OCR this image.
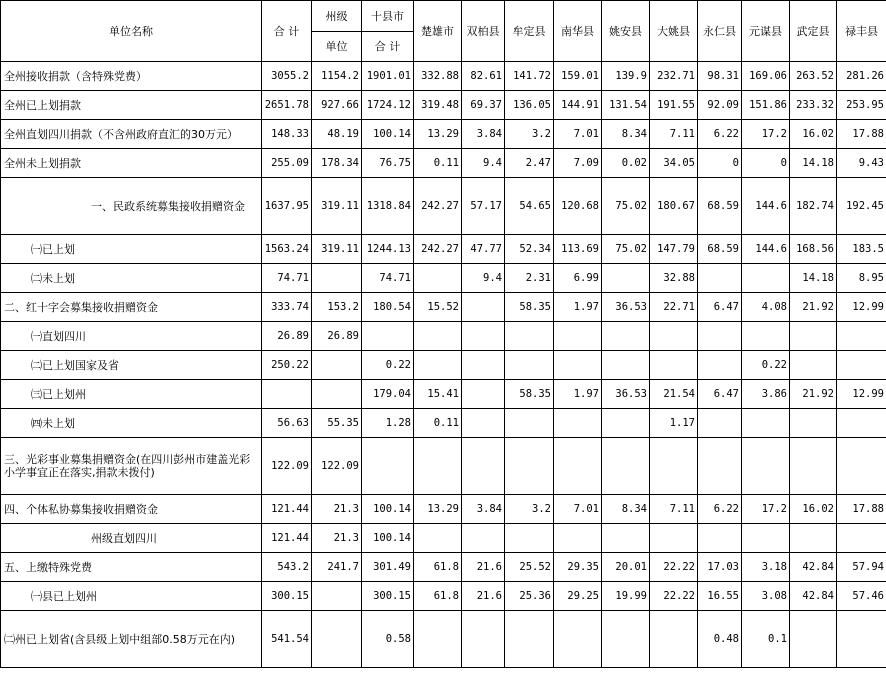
单位名称	合 计	州级	十县市	楚雄市	双柏县	牟定县	南华县	姚安县	大姚县	永仁县	元谋县	武定县	禄丰县
		单位	合 计										
全州接收捐款（含特殊党费）	3055.2	1154.2	1901.01	332.88	82.61	141.72	159.01	139.9	232.71	98.31	169.06	263.52	281.26
全州已上划捐款	2651.78	927.66	1724.12	319.48	69.37	136.05	144.91	131.54	191.55	92.09	151.86	233.32	253.95
全州直划四川捐款（不含州政府直汇的30万元）	148.33	48.19	100.14	13.29	3.84	3.2	7.01	8.34	7.11	6.22	17.2	16.02	17.88
全州未上划捐款	255.09	178.34	76.75	0.11	9.4	2.47	7.09	0.02	34.05	0	0	14.18	9.43
一、民政系统募集接收捐赠资金	1637.95	319.11	1318.84	242.27	57.17	54.65	120.68	75.02	180.67	68.59	144.6	182.74	192.45
㈠已上划	1563.24	319.11	1244.13	242.27	47.77	52.34	113.69	75.02	147.79	68.59	144.6	168.56	183.5
㈡未上划	74.71		74.71		9.4	2.31	6.99		32.88			14.18	8.95
二、红十字会募集接收捐赠资金	333.74	153.2	180.54	15.52		58.35	1.97	36.53	22.71	6.47	4.08	21.92	12.99
㈠直划四川	26.89	26.89											
㈡已上划国家及省	250.22		0.22								0.22		
㈢已上划州			179.04	15.41		58.35	1.97	36.53	21.54	6.47	3.86	21.92	12.99
㈣未上划	56.63	55.35	1.28	0.11					1.17				
三、光彩事业募集捐赠资金(在四川彭州市建盖光彩小学事宜正在落实,捐款未拨付)	122.09	122.09											
四、个体私协募集接收捐赠资金	121.44	21.3	100.14	13.29	3.84	3.2	7.01	8.34	7.11	6.22	17.2	16.02	17.88
州级直划四川	121.44	21.3	100.14										
五、上缴特殊党费	543.2	241.7	301.49	61.8	21.6	25.52	29.35	20.01	22.22	17.03	3.18	42.84	57.94
㈠县已上划州	300.15		300.15	61.8	21.6	25.36	29.25	19.99	22.22	16.55	3.08	42.84	57.46
㈡州已上划省(含县级上划中组部0.58万元在内)	541.54		0.58							0.48	0.1		
